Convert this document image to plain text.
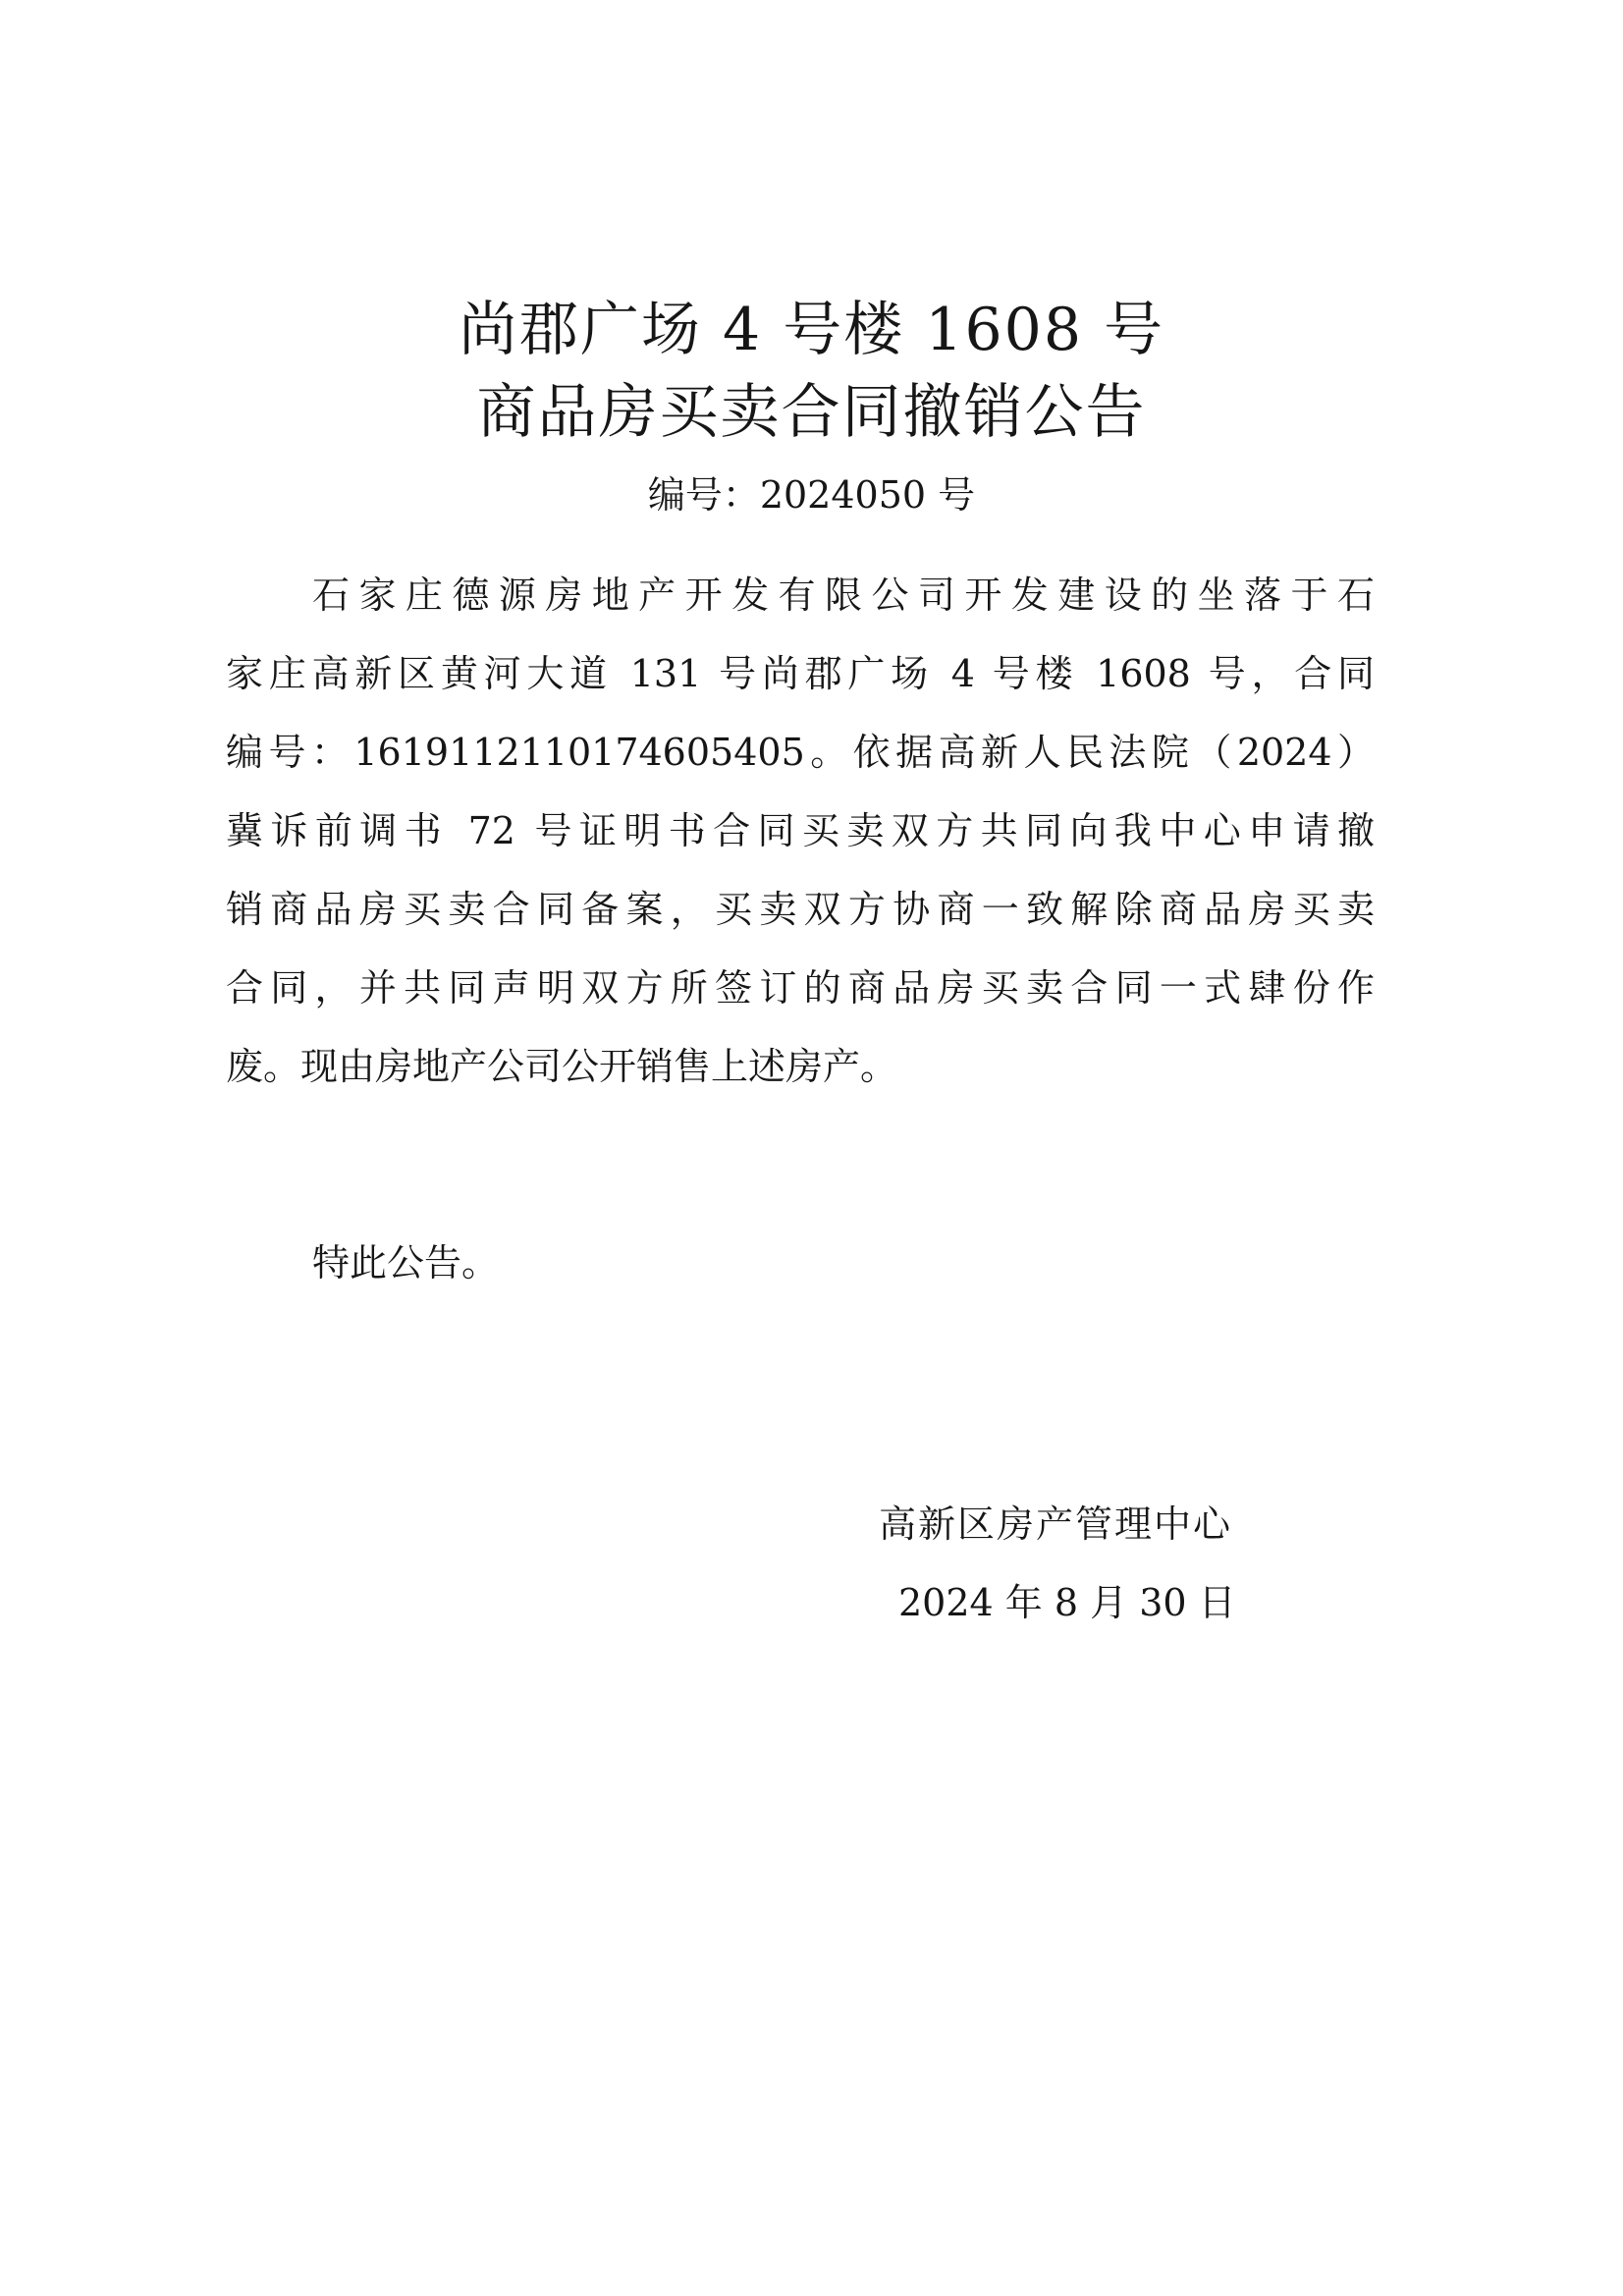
尚郡广场 4 号楼 1608 号
商品房买卖合同撤销公告
编号：2024050 号
石家庄德源房地产开发有限公司开发建设的坐落于石
家庄高新区黄河大道 131 号尚郡广场 4 号楼 1608 号，合同
编号：1619112110174605405。依据高新人民法院（2024）
冀诉前调书 72 号证明书合同买卖双方共同向我中心申请撤
销商品房买卖合同备案，买卖双方协商一致解除商品房买卖
合同，并共同声明双方所签订的商品房买卖合同一式肆份作
废。现由房地产公司公开销售上述房产。
特此公告。
高新区房产管理中心
2024 年 8 月 30 日
